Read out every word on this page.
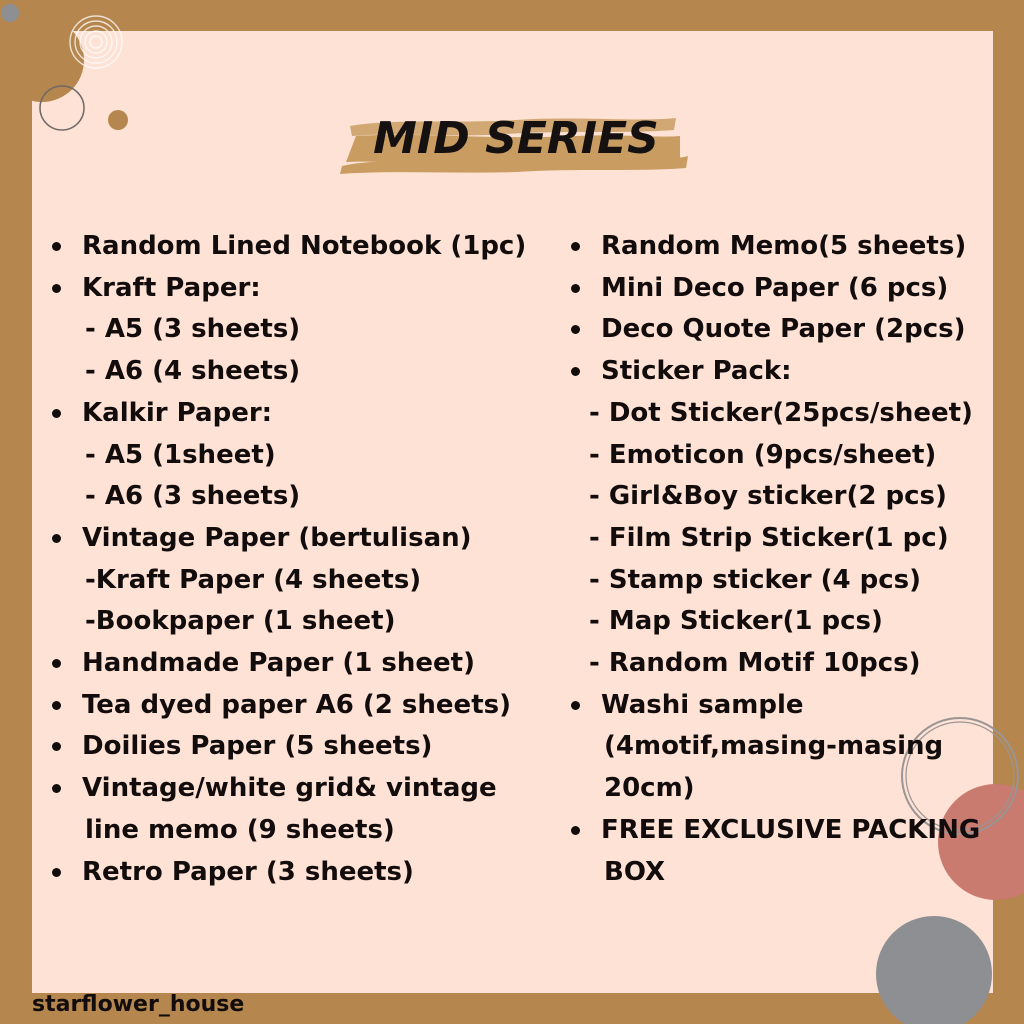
MID SERIES
Random Lined Notebook (1pc)
Kraft Paper:
- A5 (3 sheets)
- A6 (4 sheets)
Kalkir Paper:
- A5 (1sheet)
- A6 (3 sheets)
Vintage Paper (bertulisan)
-Kraft Paper (4 sheets)
-Bookpaper (1 sheet)
Handmade Paper (1 sheet)
Tea dyed paper A6 (2 sheets)
Doilies Paper (5 sheets)
Vintage/white grid& vintage
line memo (9 sheets)
Retro Paper (3 sheets)
Random Memo(5 sheets)
Mini Deco Paper (6 pcs)
Deco Quote Paper (2pcs)
Sticker Pack:
- Dot Sticker(25pcs/sheet)
- Emoticon (9pcs/sheet)
- Girl&Boy sticker(2 pcs)
- Film Strip Sticker(1 pc)
- Stamp sticker (4 pcs)
- Map Sticker(1 pcs)
- Random Motif 10pcs)
Washi sample
(4motif,masing-masing
20cm)
FREE EXCLUSIVE PACKING
BOX
starflower_house
